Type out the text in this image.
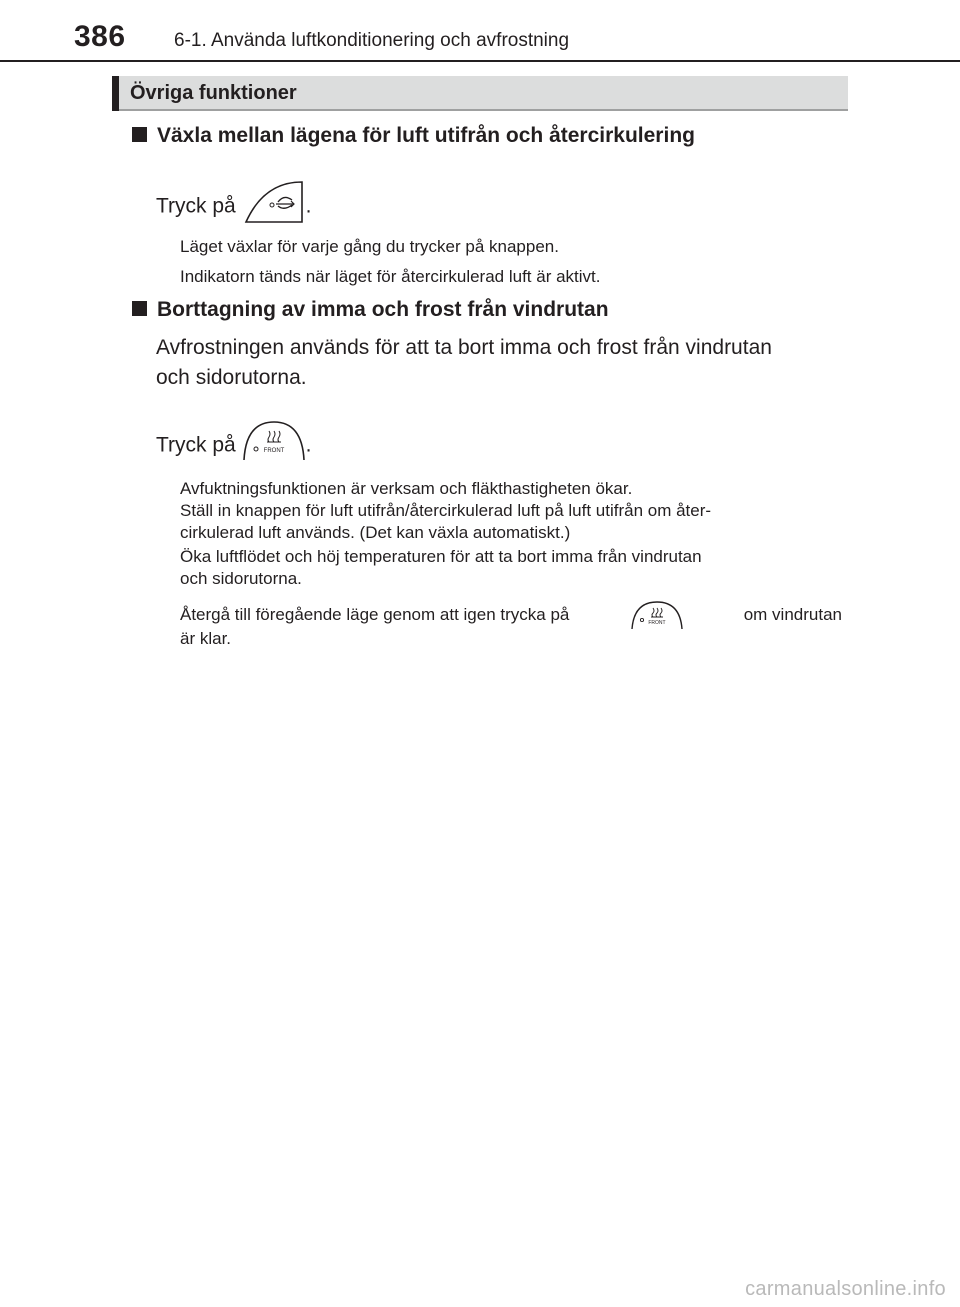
386	6-1. Använda luftkonditionering och avfrostning
Övriga funktioner
Växla mellan lägena för luft utifrån och återcirkulering
Tryck på	.
Läget växlar för varje gång du trycker på knappen.
Indikatorn tänds när läget för återcirkulerad luft är aktivt.
Borttagning av imma och frost från vindrutan
Avfrostningen används för att ta bort imma och frost från vindrutan
och sidorutorna.
Tryck på	FRONT .
Avfuktningsfunktionen är verksam och fläkthastigheten ökar.
Ställ in knappen för luft utifrån/återcirkulerad luft på luft utifrån om åter-
cirkulerad luft används. (Det kan växla automatiskt.)
Öka luftflödet och höj temperaturen för att ta bort imma från vindrutan
och sidorutorna.
Återgå till föregående läge genom att igen trycka på	FRONT	om vindrutan
är klar.
carmanualsonline.info
